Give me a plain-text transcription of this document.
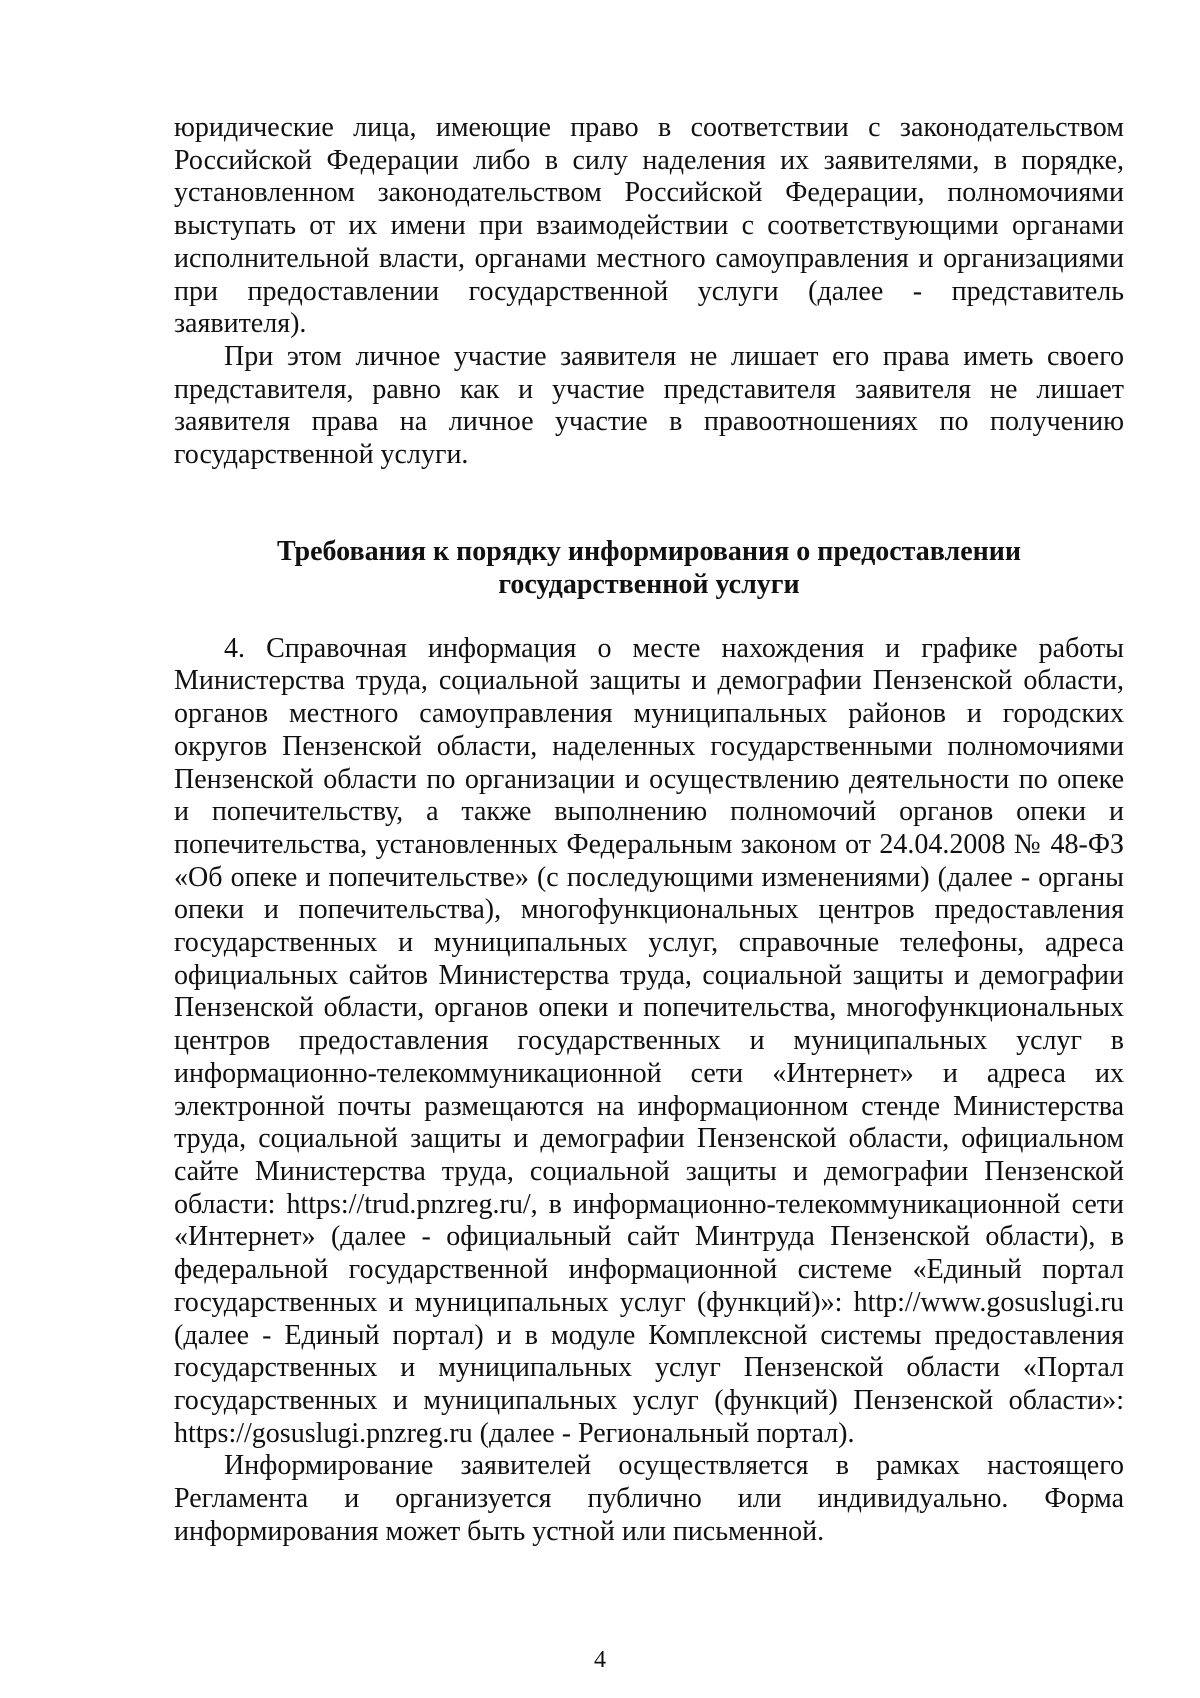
юридические лица, имеющие право в соответствии с законодательством Российской Федерации либо в силу наделения их заявителями, в порядке, установленном законодательством Российской Федерации, полномочиями выступать от их имени при взаимодействии с соответствующими органами исполнительной власти, органами местного самоуправления и организациями при предоставлении государственной услуги (далее - представитель заявителя).

При этом личное участие заявителя не лишает его права иметь своего представителя, равно как и участие представителя заявителя не лишает заявителя права на личное участие в правоотношениях по получению государственной услуги.

Требования к порядку информирования о предоставлении
государственной услуги

4. Справочная информация о месте нахождения и графике работы Министерства труда, социальной защиты и демографии Пензенской области, органов местного самоуправления муниципальных районов и городских округов Пензенской области, наделенных государственными полномочиями Пензенской области по организации и осуществлению деятельности по опеке и попечительству, а также выполнению полномочий органов опеки и попечительства, установленных Федеральным законом от 24.04.2008 № 48-ФЗ «Об опеке и попечительстве» (с последующими изменениями) (далее - органы опеки и попечительства), многофункциональных центров предоставления государственных и муниципальных услуг, справочные телефоны, адреса официальных сайтов Министерства труда, социальной защиты и демографии Пензенской области, органов опеки и попечительства, многофункциональных центров предоставления государственных и муниципальных услуг в информационно-телекоммуникационной сети «Интернет» и адреса их электронной почты размещаются на информационном стенде Министерства труда, социальной защиты и демографии Пензенской области, официальном сайте Министерства труда, социальной защиты и демографии Пензенской области: https://trud.pnzreg.ru/, в информационно-телекоммуникационной сети «Интернет» (далее - официальный сайт Минтруда Пензенской области), в федеральной государственной информационной системе «Единый портал государственных и муниципальных услуг (функций)»: http://www.gosuslugi.ru (далее - Единый портал) и в модуле Комплексной системы предоставления государственных и муниципальных услуг Пензенской области «Портал государственных и муниципальных услуг (функций) Пензенской области»: https://gosuslugi.pnzreg.ru (далее - Региональный портал).

Информирование заявителей осуществляется в рамках настоящего Регламента и организуется публично или индивидуально. Форма информирования может быть устной или письменной.

4
